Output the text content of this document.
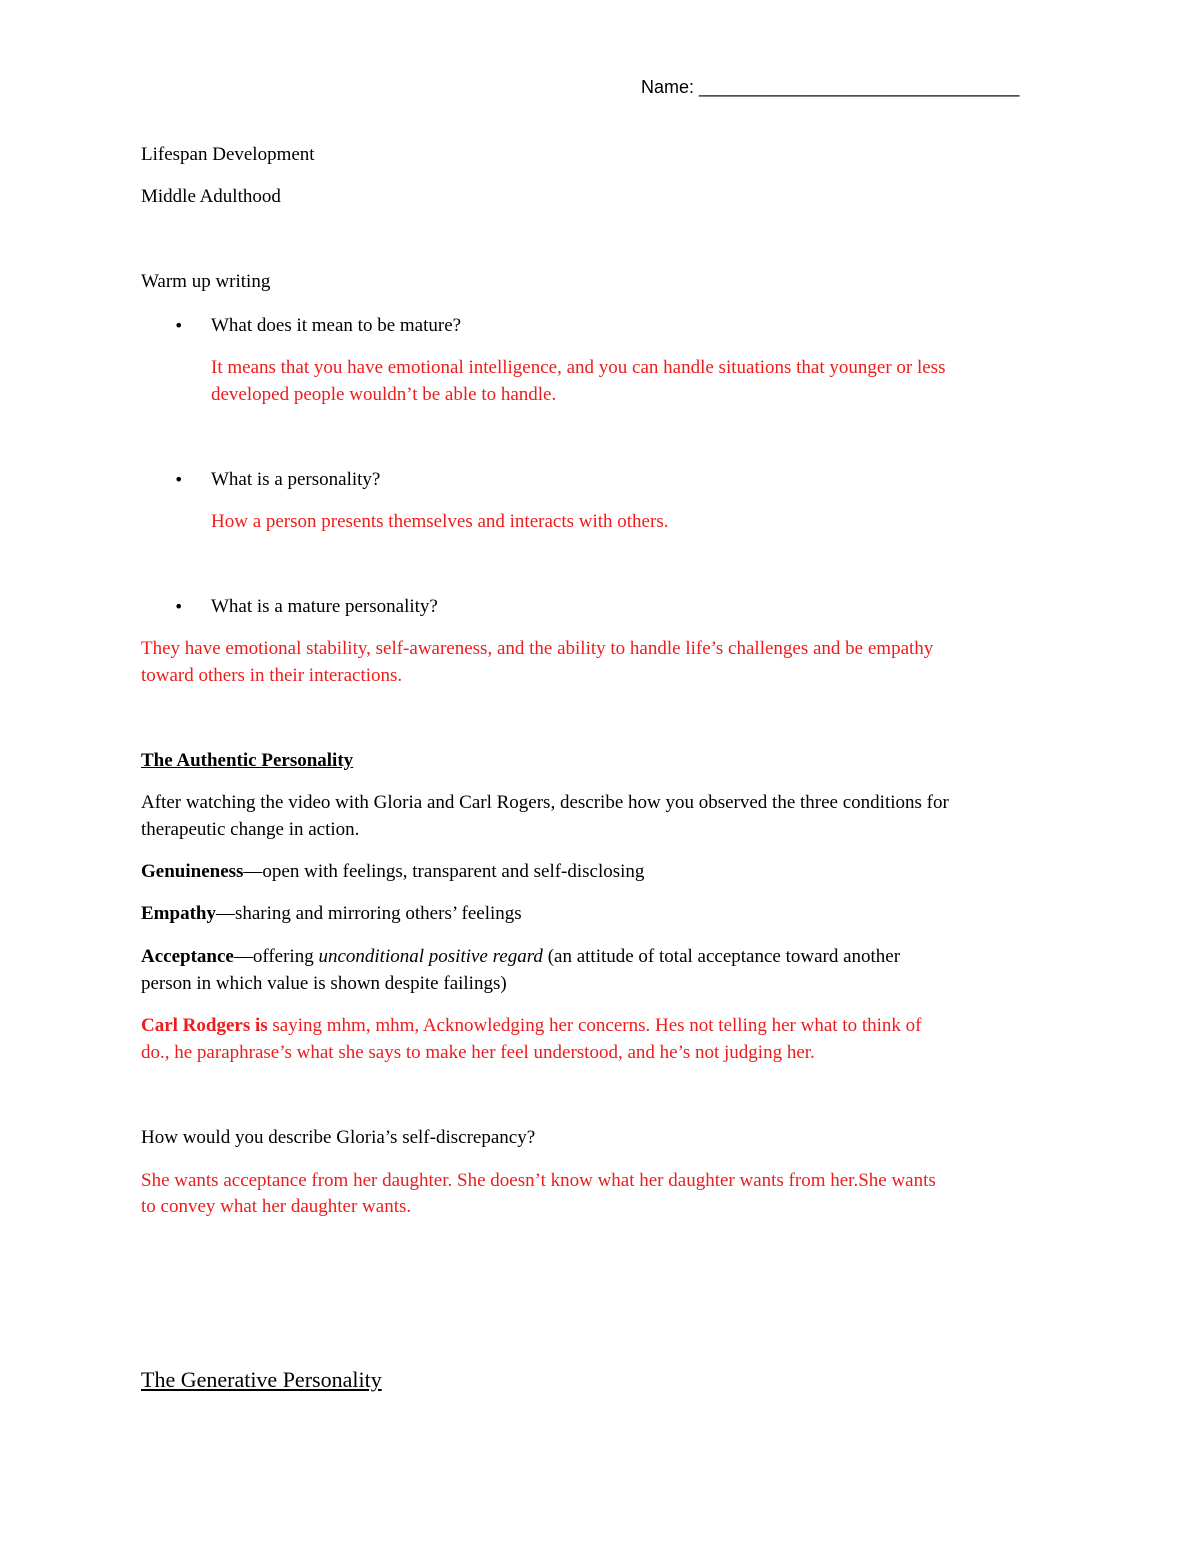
Name: ________________________________
Lifespan Development
Middle Adulthood
Warm up writing
• What does it mean to be mature?
It means that you have emotional intelligence, and you can handle situations that younger or less
developed people wouldn’t be able to handle.
• What is a personality?
How a person presents themselves and interacts with others.
• What is a mature personality?
They have emotional stability, self-awareness, and the ability to handle life’s challenges and be empathy
toward others in their interactions.
The Authentic Personality
After watching the video with Gloria and Carl Rogers, describe how you observed the three conditions for
therapeutic change in action.
Genuineness—open with feelings, transparent and self-disclosing
Empathy—sharing and mirroring others’ feelings
Acceptance—offering unconditional positive regard (an attitude of total acceptance toward another
person in which value is shown despite failings)
Carl Rodgers is saying mhm, mhm, Acknowledging her concerns. Hes not telling her what to think of
do., he paraphrase’s what she says to make her feel understood, and he’s not judging her.
How would you describe Gloria’s self-discrepancy?
She wants acceptance from her daughter. She doesn’t know what her daughter wants from her.She wants
to convey what her daughter wants.
The Generative Personality
